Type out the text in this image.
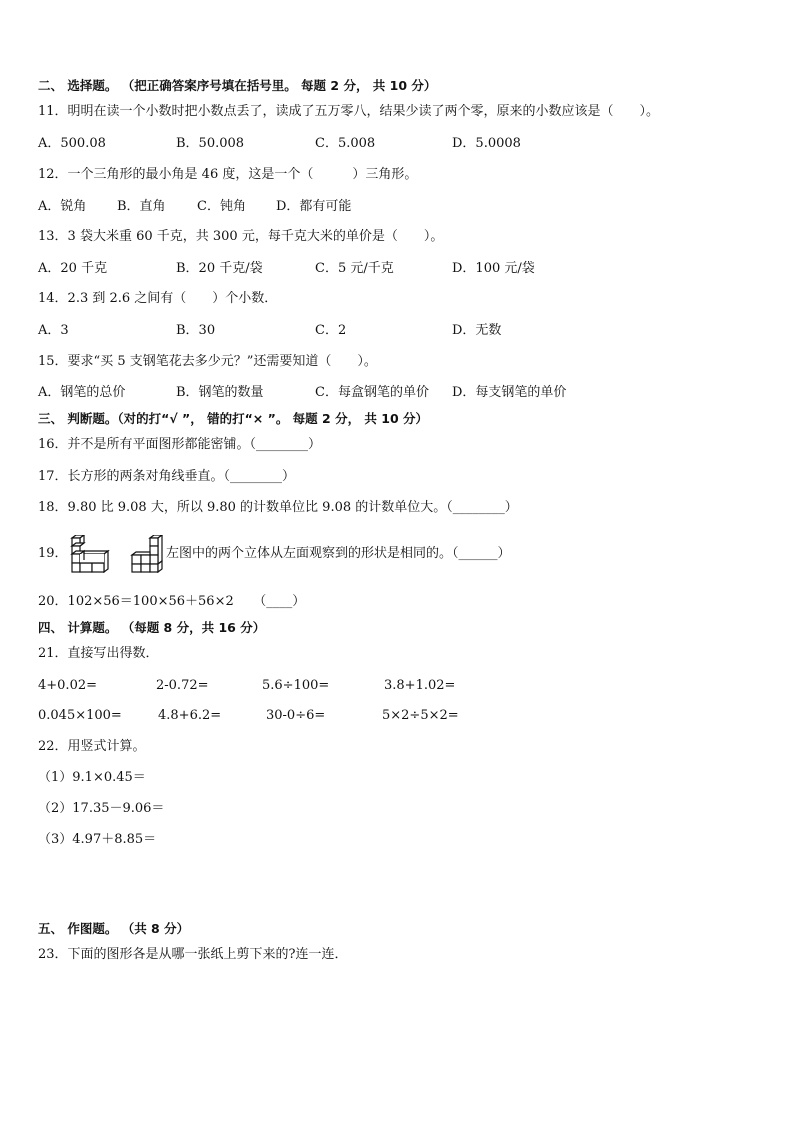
二、 选择题。 （把正确答案序号填在括号里。 每题 2 分， 共 10 分）
11．明明在读一个小数时把小数点丢了，读成了五万零八，结果少读了两个零，原来的小数应该是（　　）。
A．500.08	B．50.008	C．5.008	D．5.0008
12．一个三角形的最小角是 46 度，这是一个（　　　）三角形。
A．锐角 B．直角 C．钝角 D．都有可能
13．3 袋大米重 60 千克，共 300 元，每千克大米的单价是（　　）。
A．20 千克	B．20 千克/袋	C．5 元/千克	D．100 元/袋
14．2.3 到 2.6 之间有（　　）个小数．
A．3	B．30	C．2	D．无数
15．要求“买 5 支钢笔花去多少元？”还需要知道（　　）。
A．钢笔的总价	B．钢笔的数量	C．每盒钢笔的单价 D．每支钢笔的单价
三、 判断题。（对的打“√ ”， 错的打“× ”。 每题 2 分， 共 10 分）
16．并不是所有平面图形都能密铺。（________）
17．长方形的两条对角线垂直。（________）
18．9.80 比 9.08 大，所以 9.80 的计数单位比 9.08 的计数单位大。（________）
19．	左图中的两个立体从左面观察到的形状是相同的。（______）
20．102×56＝100×56＋56×2　　（____）
四、 计算题。 （每题 8 分，共 16 分）
21．直接写出得数．
4+0.02=	2-0.72=	5.6÷100=	3.8+1.02=
0.045×100=	4.8+6.2=	30-0÷6=	5×2÷5×2=
22．用竖式计算。
（1）9.1×0.45＝
（2）17.35－9.06＝
（3）4.97＋8.85＝
五、 作图题。 （共 8 分）
23．下面的图形各是从哪一张纸上剪下来的?连一连．
